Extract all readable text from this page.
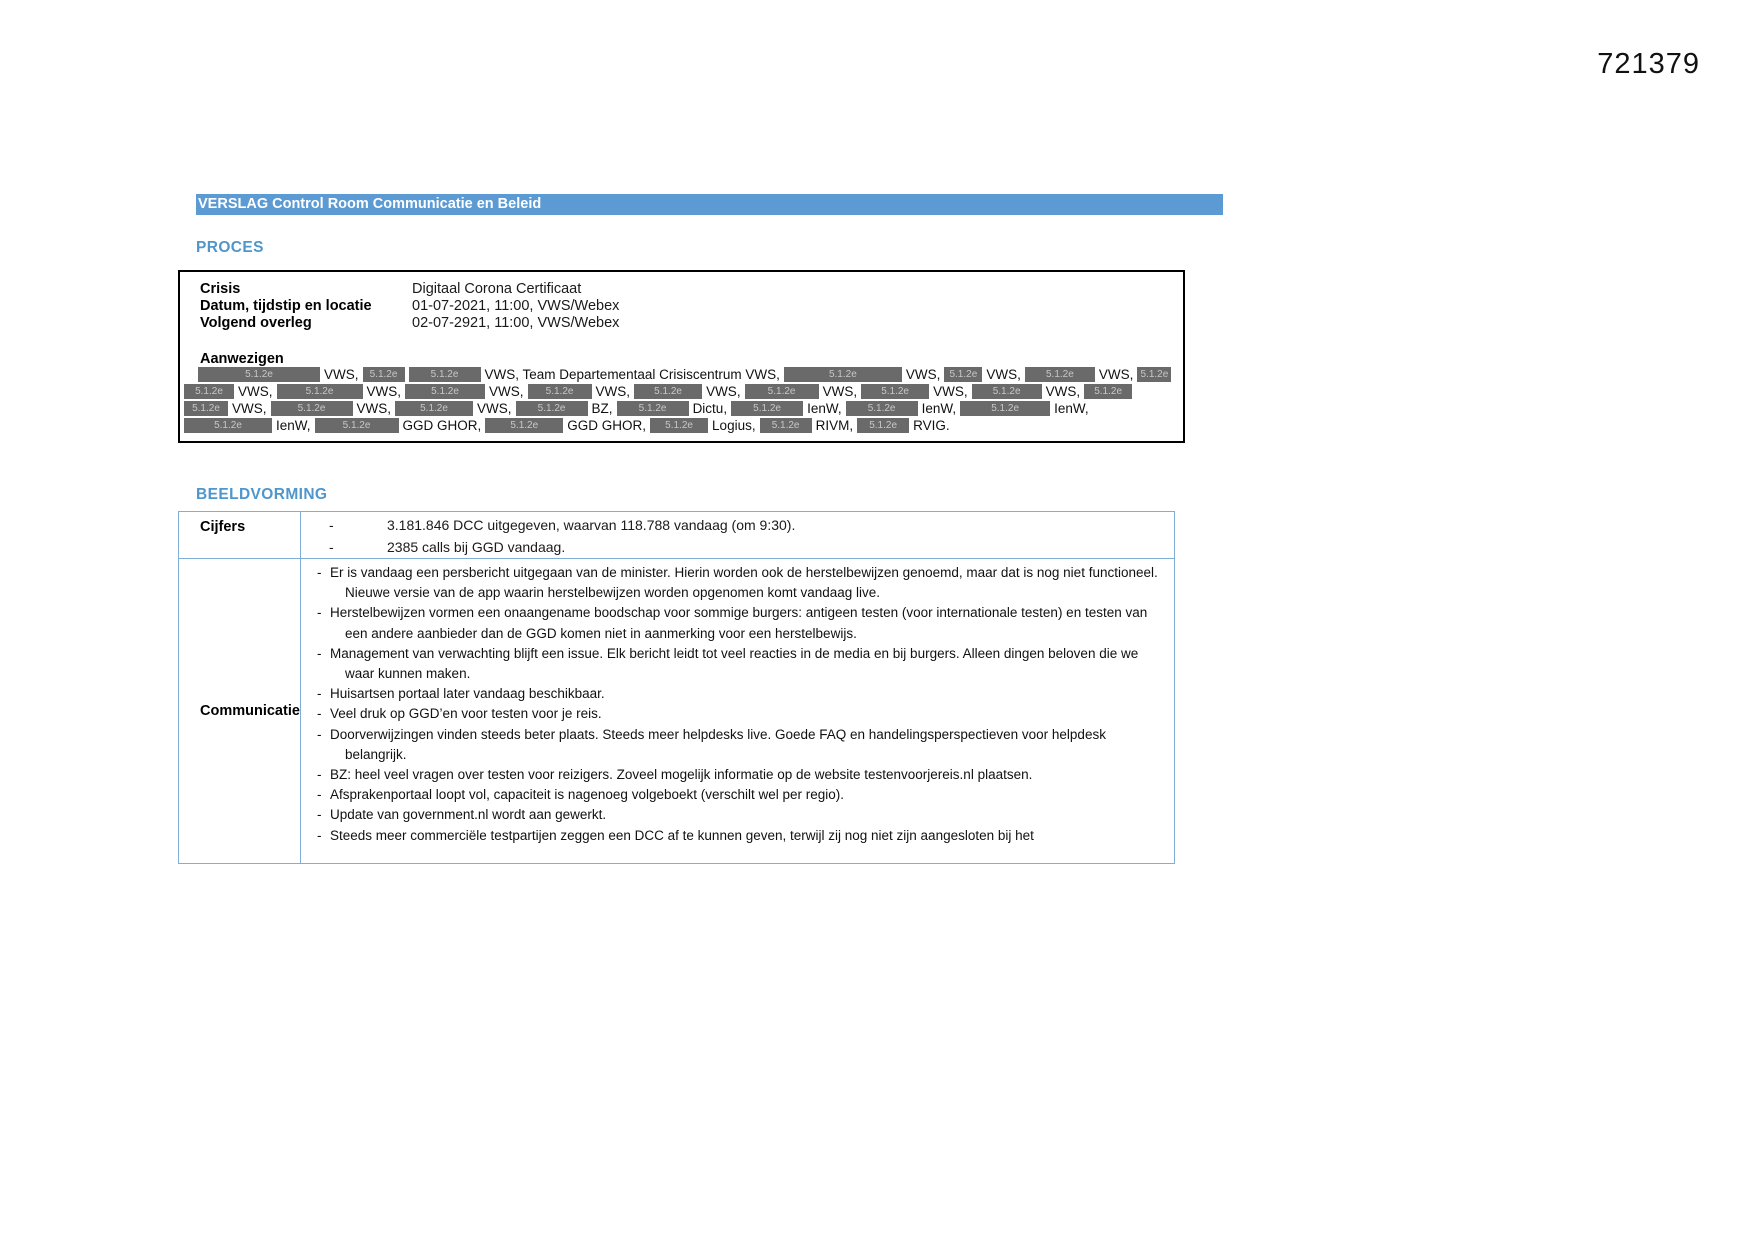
721379
VERSLAG Control Room Communicatie en Beleid
PROCES
Crisis	Digitaal Corona Certificaat
Datum, tijdstip en locatie	01-07-2021, 11:00, VWS/Webex
Volgend overleg	02-07-2921, 11:00, VWS/Webex
Aanwezigen
5.1.2e	VWS,	5.1.2e	5.1.2e	VWS, Team Departementaal Crisiscentrum VWS,	5.1.2e	VWS, 5.1.2e VWS,	5.1.2e	VWS, 5.1.2e
5.1.2e	VWS,	5.1.2e	VWS,	5.1.2e	VWS,	5.1.2e	VWS,	5.1.2e	VWS,	5.1.2e	VWS,	5.1.2e	VWS,	5.1.2e	VWS,	5.1.2e
5.1.2e VWS,	5.1.2e	VWS,	5.1.2e	VWS,	5.1.2e	BZ,	5.1.2e	Dictu,	5.1.2e	IenW,	5.1.2e	IenW,	5.1.2e	IenW,
5.1.2e	IenW,	5.1.2e	GGD GHOR,	5.1.2e	GGD GHOR,	5.1.2e	Logius,	5.1.2e	RIVM,	5.1.2e	RVIG.
BEELDVORMING
Cijfers	-	3.181.846 DCC uitgegeven, waarvan 118.788 vandaag (om 9:30).
-	2385 calls bij GGD vandaag.
Communicatie
- Er is vandaag een persbericht uitgegaan van de minister. Hierin worden ook de herstelbewijzen genoemd, maar dat is nog niet functioneel. Nieuwe versie van de app waarin herstelbewijzen worden opgenomen komt vandaag live.
- Herstelbewijzen vormen een onaangename boodschap voor sommige burgers: antigeen testen (voor internationale testen) en testen van een andere aanbieder dan de GGD komen niet in aanmerking voor een herstelbewijs.
- Management van verwachting blijft een issue. Elk bericht leidt tot veel reacties in de media en bij burgers. Alleen dingen beloven die we waar kunnen maken.
- Huisartsen portaal later vandaag beschikbaar.
- Veel druk op GGD’en voor testen voor je reis.
- Doorverwijzingen vinden steeds beter plaats. Steeds meer helpdesks live. Goede FAQ en handelingsperspectieven voor helpdesk belangrijk.
- BZ: heel veel vragen over testen voor reizigers. Zoveel mogelijk informatie op de website testenvoorjereis.nl plaatsen.
- Afsprakenportaal loopt vol, capaciteit is nagenoeg volgeboekt (verschilt wel per regio).
- Update van government.nl wordt aan gewerkt.
- Steeds meer commerciële testpartijen zeggen een DCC af te kunnen geven, terwijl zij nog niet zijn aangesloten bij het
